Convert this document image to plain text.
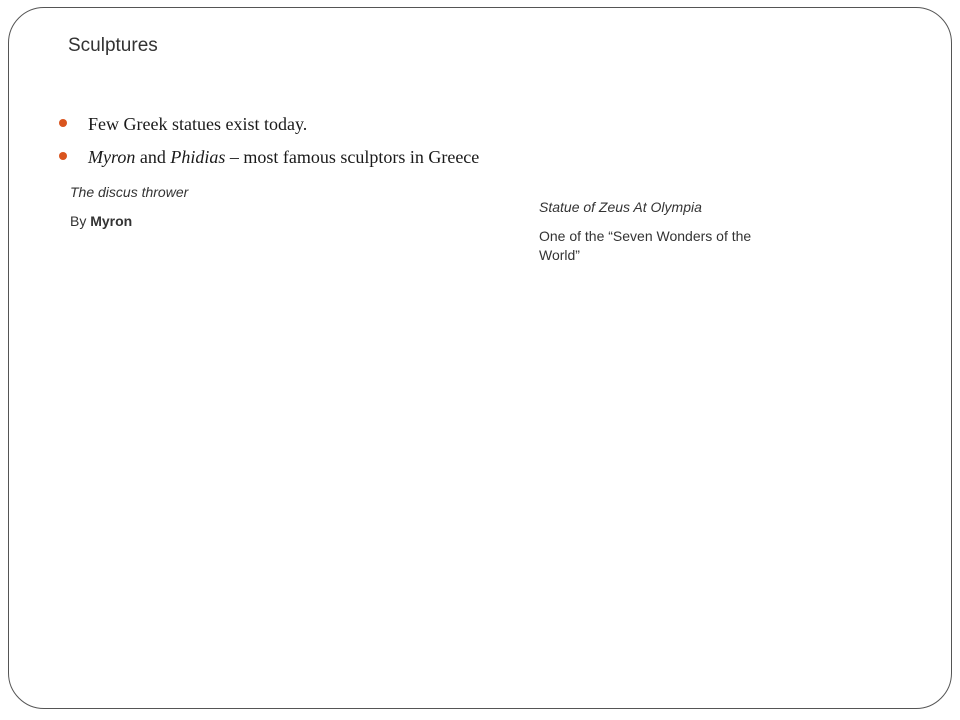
Sculptures
Few Greek statues exist today.
Myron and Phidias – most famous sculptors in Greece

The discus thrower

By Myron

Statue of Zeus At Olympia

One of the “Seven Wonders of the World”
